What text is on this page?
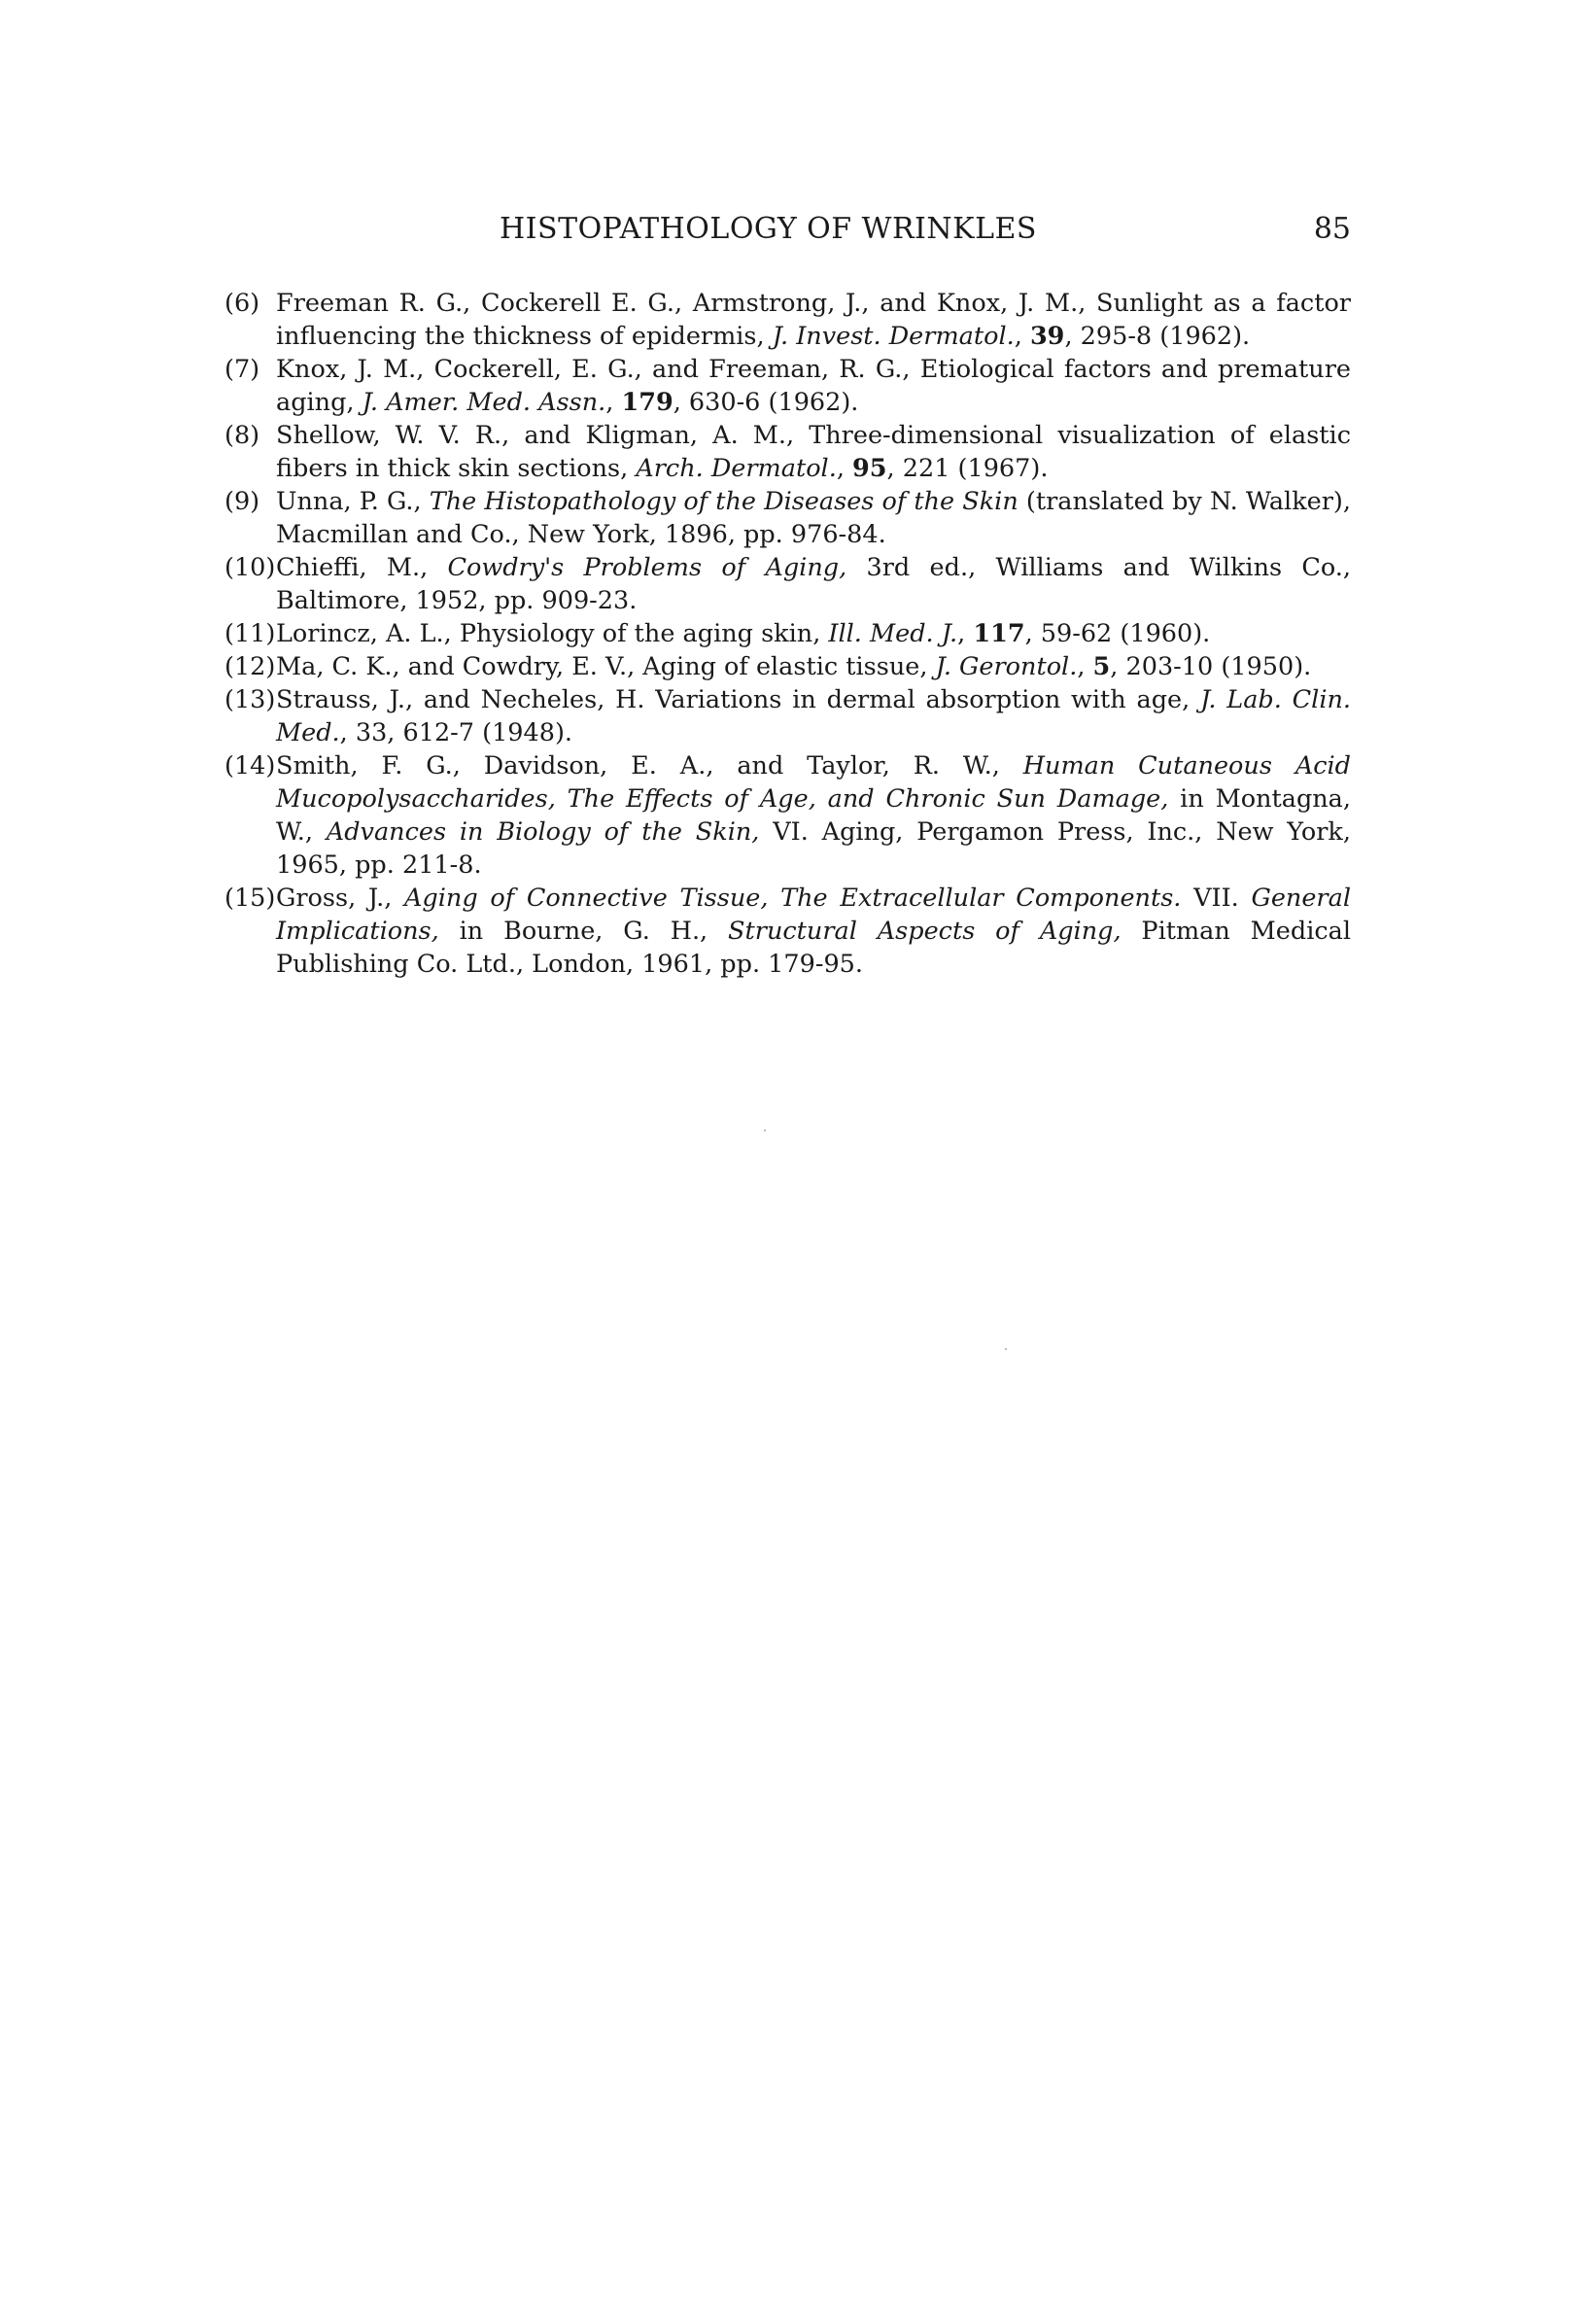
HISTOPATHOLOGY OF WRINKLES	85
(6) Freeman R. G., Cockerell E. G., Armstrong, J., and Knox, J. M., Sunlight as a factor influencing the thickness of epidermis, J. Invest. Dermatol., 39, 295-8 (1962).
(7) Knox, J. M., Cockerell, E. G., and Freeman, R. G., Etiological factors and premature aging, J. Amer. Med. Assn., 179, 630-6 (1962).
(8) Shellow, W. V. R., and Kligman, A. M., Three-dimensional visualization of elastic fibers in thick skin sections, Arch. Dermatol., 95, 221 (1967).
(9) Unna, P. G., The Histopathology of the Diseases of the Skin (translated by N. Walker), Macmillan and Co., New York, 1896, pp. 976-84.
(10) Chieffi, M., Cowdry's Problems of Aging, 3rd ed., Williams and Wilkins Co., Baltimore, 1952, pp. 909-23.
(11) Lorincz, A. L., Physiology of the aging skin, Ill. Med. J., 117, 59-62 (1960).
(12) Ma, C. K., and Cowdry, E. V., Aging of elastic tissue, J. Gerontol., 5, 203-10 (1950).
(13) Strauss, J., and Necheles, H. Variations in dermal absorption with age, J. Lab. Clin. Med., 33, 612-7 (1948).
(14) Smith, F. G., Davidson, E. A., and Taylor, R. W., Human Cutaneous Acid Mucopolysaccharides, The Effects of Age, and Chronic Sun Damage, in Montagna, W., Advances in Biology of the Skin, VI. Aging, Pergamon Press, Inc., New York, 1965, pp. 211-8.
(15) Gross, J., Aging of Connective Tissue, The Extracellular Components. VII. General Implications, in Bourne, G. H., Structural Aspects of Aging, Pitman Medical Publishing Co. Ltd., London, 1961, pp. 179-95.
